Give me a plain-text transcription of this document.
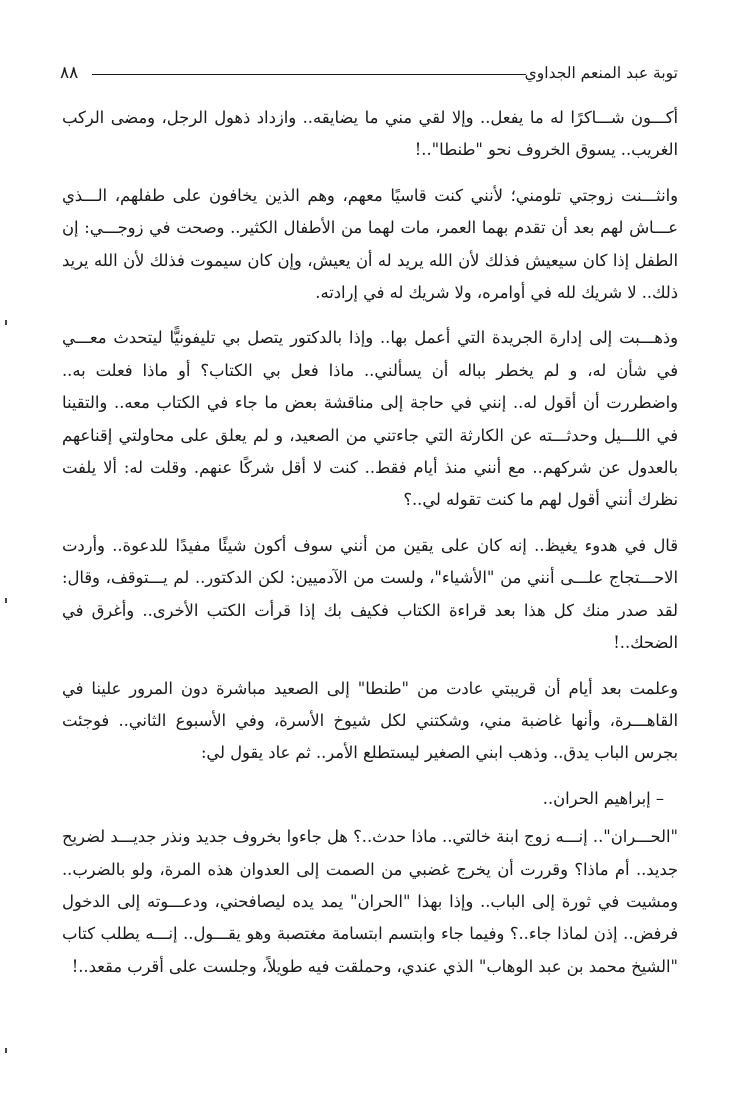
٨٨	توبة عبد المنعم الجداوي

أكـــون شـــاكرًا له ما يفعل.. وإلا لقي مني ما يضايقه.. وازداد ذهول الرجل، ومضى الركب الغريب.. يسوق الخروف نحو "طنطا"..!

وانثـــنت زوجتي تلومني؛ لأنني كنت قاسيًا معهم، وهم الذين يخافون على طفلهم، الـــذي عـــاش لهم بعد أن تقدم بهما العمر، مات لهما من الأطفال الكثير.. وصحت في زوجـــي: إن الطفل إذا كان سيعيش فذلك لأن الله يريد له أن يعيش، وإن كان سيموت فذلك لأن الله يريد ذلك.. لا شريك لله في أوامره، ولا شريك له في إرادته.

وذهـــبت إلى إدارة الجريدة التي أعمل بها.. وإذا بالدكتور يتصل بي تليفونيًّا ليتحدث معـــي في شأن له، و لم يخطر بباله أن يسألني.. ماذا فعل بي الكتاب؟ أو ماذا فعلت به.. واضطررت أن أقول له.. إنني في حاجة إلى مناقشة بعض ما جاء في الكتاب معه.. والتقينا في اللـــيل وحدثـــته عن الكارثة التي جاءتني من الصعيد، و لم يعلق على محاولتي إقناعهم بالعدول عن شركهم.. مع أنني منذ أيام فقط.. كنت لا أقل شركًا عنهم. وقلت له: ألا يلفت نظرك أنني أقول لهم ما كنت تقوله لي..؟

قال في هدوء يغيظ.. إنه كان على يقين من أنني سوف أكون شيئًا مفيدًا للدعوة.. وأردت الاحـــتجاج علـــى أنني من "الأشياء"، ولست من الآدميين: لكن الدكتور.. لم يـــتوقف، وقال: لقد صدر منك كل هذا بعد قراءة الكتاب فكيف بك إذا قرأت الكتب الأخرى.. وأغرق في الضحك..!

وعلمت بعد أيام أن قريبتي عادت من "طنطا" إلى الصعيد مباشرة دون المرور علينا في القاهـــرة، وأنها غاضبة مني، وشكتني لكل شيوخ الأسرة، وفي الأسبوع الثاني.. فوجئت بجرس الباب يدق.. وذهب ابني الصغير ليستطلع الأمر.. ثم عاد يقول لي:

– إبراهيم الحران..

"الحـــران".. إنـــه زوج ابنة خالتي.. ماذا حدث..؟ هل جاءوا بخروف جديد ونذر جديـــد لضريح جديد.. أم ماذا؟ وقررت أن يخرج غضبي من الصمت إلى العدوان هذه المرة، ولو بالضرب.. ومشيت في ثورة إلى الباب.. وإذا بهذا "الحران" يمد يده ليصافحني، ودعـــوته إلى الدخول فرفض.. إذن لماذا جاء..؟ وفيما جاء وابتسم ابتسامة مغتصبة وهو يقـــول.. إنـــه يطلب كتاب "الشيخ محمد بن عبد الوهاب" الذي عندي، وحملقت فيه طويلاً، وجلست على أقرب مقعد..!
